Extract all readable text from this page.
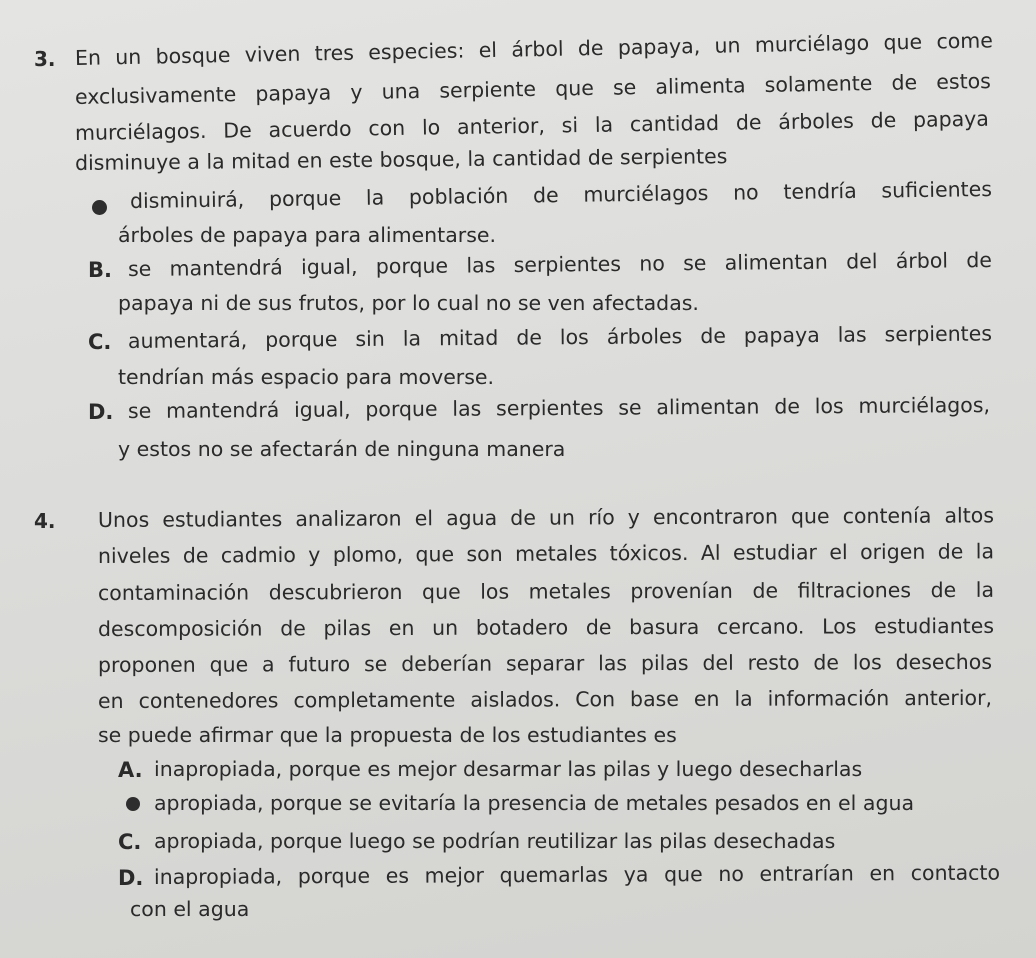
3. En un bosque viven tres especies: el árbol de papaya, un murciélago que come
exclusivamente papaya y una serpiente que se alimenta solamente de estos
murciélagos. De acuerdo con lo anterior, si la cantidad de árboles de papaya
disminuye a la mitad en este bosque, la cantidad de serpientes
disminuirá, porque la población de murciélagos no tendría suficientes
árboles de papaya para alimentarse.
B. se mantendrá igual, porque las serpientes no se alimentan del árbol de
papaya ni de sus frutos, por lo cual no se ven afectadas.
C. aumentará, porque sin la mitad de los árboles de papaya las serpientes
tendrían más espacio para moverse.
D. se mantendrá igual, porque las serpientes se alimentan de los murciélagos,
y estos no se afectarán de ninguna manera
4. Unos estudiantes analizaron el agua de un río y encontraron que contenía altos
niveles de cadmio y plomo, que son metales tóxicos. Al estudiar el origen de la
contaminación descubrieron que los metales provenían de filtraciones de la
descomposición de pilas en un botadero de basura cercano. Los estudiantes
proponen que a futuro se deberían separar las pilas del resto de los desechos
en contenedores completamente aislados. Con base en la información anterior,
se puede afirmar que la propuesta de los estudiantes es
A. inapropiada, porque es mejor desarmar las pilas y luego desecharlas
apropiada, porque se evitaría la presencia de metales pesados en el agua
C. apropiada, porque luego se podrían reutilizar las pilas desechadas
D. inapropiada, porque es mejor quemarlas ya que no entrarían en contacto
con el agua
